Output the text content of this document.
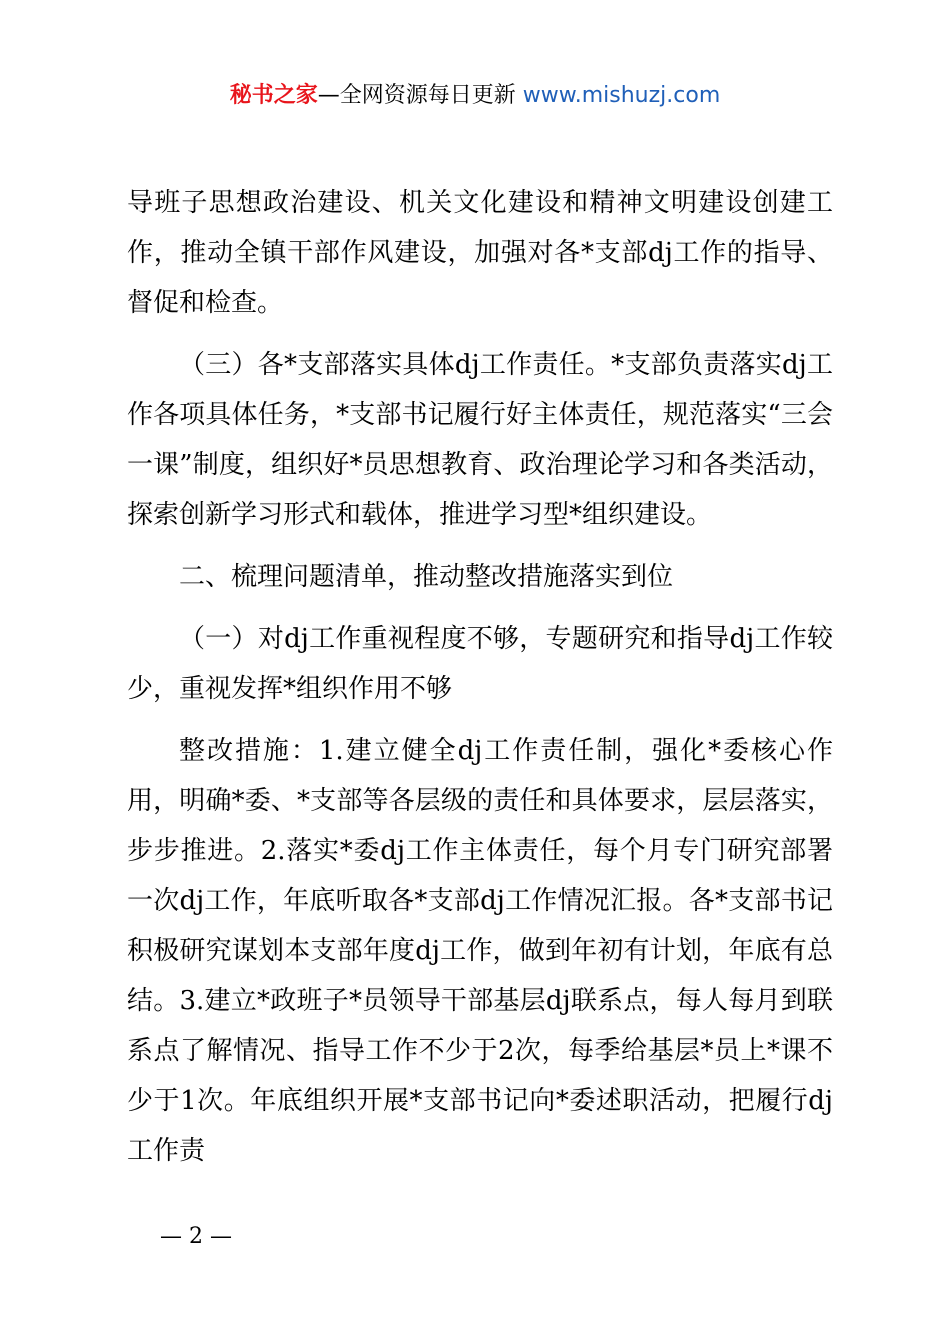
秘书之家—全网资源每日更新 www.mishuzj.com

导班子思想政治建设、机关文化建设和精神文明建设创建工作，推动全镇干部作风建设，加强对各*支部dj工作的指导、督促和检查。

（三）各*支部落实具体dj工作责任。*支部负责落实dj工作各项具体任务，*支部书记履行好主体责任，规范落实“三会一课”制度，组织好*员思想教育、政治理论学习和各类活动，探索创新学习形式和载体，推进学习型*组织建设。

二、梳理问题清单，推动整改措施落实到位

（一）对dj工作重视程度不够，专题研究和指导dj工作较少，重视发挥*组织作用不够

整改措施：1.建立健全dj工作责任制，强化*委核心作用，明确*委、*支部等各层级的责任和具体要求，层层落实，步步推进。2.落实*委dj工作主体责任，每个月专门研究部署一次dj工作，年底听取各*支部dj工作情况汇报。各*支部书记积极研究谋划本支部年度dj工作，做到年初有计划，年底有总结。3.建立*政班子*员领导干部基层dj联系点，每人每月到联系点了解情况、指导工作不少于2次，每季给基层*员上*课不少于1次。年底组织开展*支部书记向*委述职活动，把履行dj工作责

— 2 —
